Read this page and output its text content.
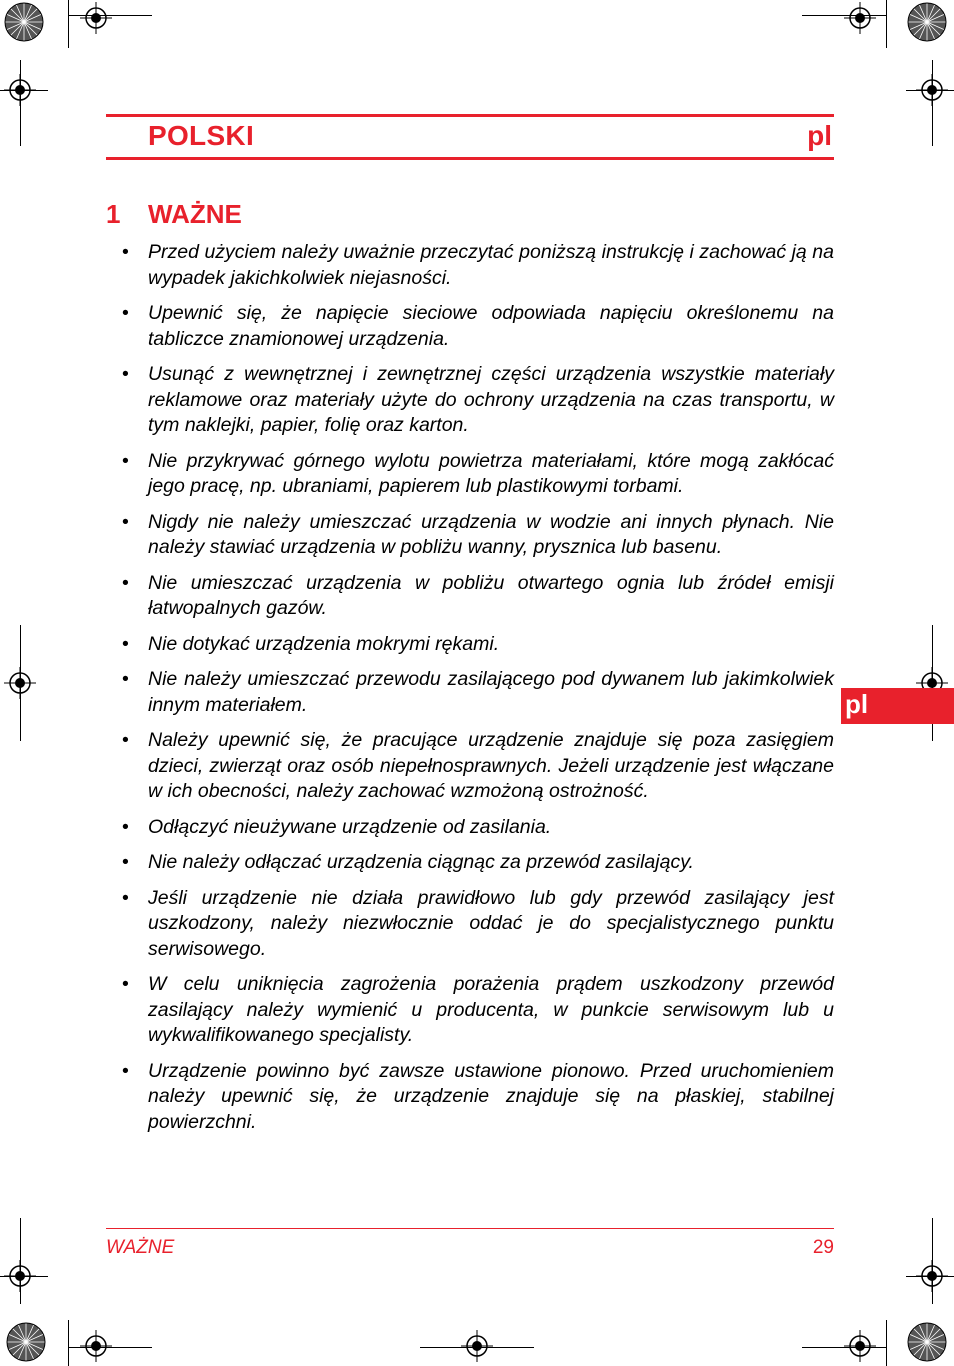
POLSKI	pl
1	WAŻNE
• Przed użyciem należy uważnie przeczytać poniższą instrukcję i zachować ją na wypadek jakichkolwiek niejasności.
• Upewnić się, że napięcie sieciowe odpowiada napięciu określonemu na tabliczce znamionowej urządzenia.
• Usunąć z wewnętrznej i zewnętrznej części urządzenia wszystkie materiały reklamowe oraz materiały użyte do ochrony urządzenia na czas transportu, w tym naklejki, papier, folię oraz karton.
• Nie przykrywać górnego wylotu powietrza materiałami, które mogą zakłócać jego pracę, np. ubraniami, papierem lub plastikowymi torbami.
• Nigdy nie należy umieszczać urządzenia w wodzie ani innych płynach. Nie należy stawiać urządzenia w pobliżu wanny, prysznica lub basenu.
• Nie umieszczać urządzenia w pobliżu otwartego ognia lub źródeł emisji łatwopalnych gazów.
• Nie dotykać urządzenia mokrymi rękami.
• Nie należy umieszczać przewodu zasilającego pod dywanem lub jakimkolwiek innym materiałem.
• Należy upewnić się, że pracujące urządzenie znajduje się poza zasięgiem dzieci, zwierząt oraz osób niepełnosprawnych. Jeżeli urządzenie jest włączane w ich obecności, należy zachować wzmożoną ostrożność.
• Odłączyć nieużywane urządzenie od zasilania.
• Nie należy odłączać urządzenia ciągnąc za przewód zasilający.
• Jeśli urządzenie nie działa prawidłowo lub gdy przewód zasilający jest uszkodzony, należy niezwłocznie oddać je do specjalistycznego punktu serwisowego.
• W celu uniknięcia zagrożenia porażenia prądem uszkodzony przewód zasilający należy wymienić u producenta, w punkcie serwisowym lub u wykwalifikowanego specjalisty.
• Urządzenie powinno być zawsze ustawione pionowo. Przed uruchomieniem należy upewnić się, że urządzenie znajduje się na płaskiej, stabilnej powierzchni.
pl
WAŻNE	29
